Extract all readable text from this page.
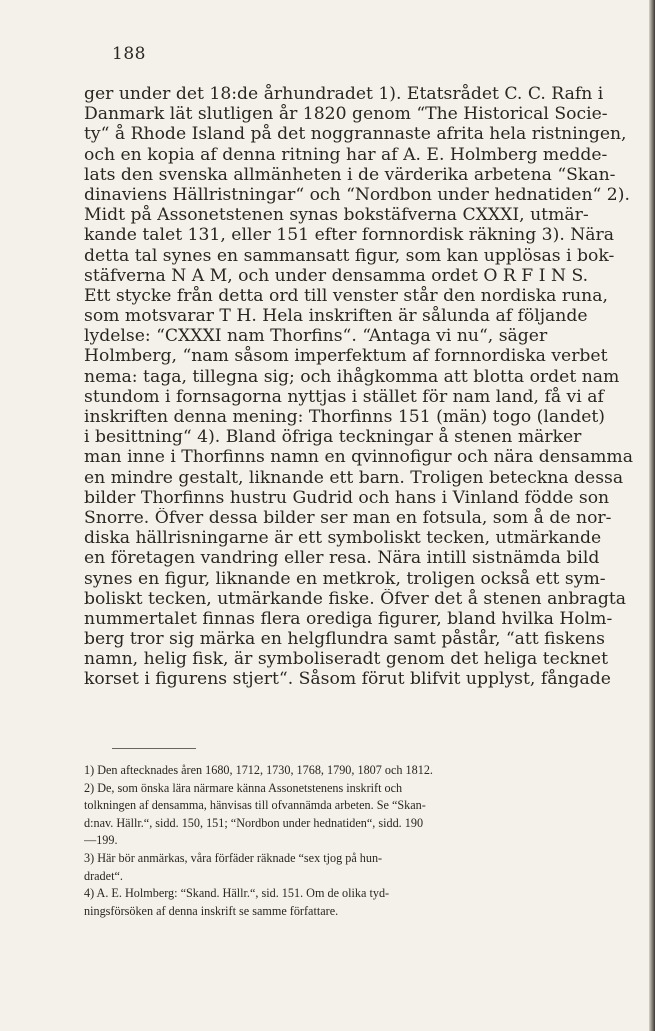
188
ger under det 18:de århundradet 1). Etatsrådet C. C. Rafn i
Danmark lät slutligen år 1820 genom “The Historical Socie-
ty“ å Rhode Island på det noggrannaste afrita hela ristningen,
och en kopia af denna ritning har af A. E. Holmberg medde-
lats den svenska allmänheten i de värderika arbetena “Skan-
dinaviens Hällristningar“ och “Nordbon under hednatiden“ 2).
Midt på Assonetstenen synas bokstäfverna CXXXI, utmär-
kande talet 131, eller 151 efter fornnordisk räkning 3). Nära
detta tal synes en sammansatt figur, som kan upplösas i bok-
stäfverna N A M, och under densamma ordet O R F I N S.
Ett stycke från detta ord till venster står den nordiska runa,
som motsvarar T H. Hela inskriften är sålunda af följande
lydelse: “CXXXI nam Thorfins“. “Antaga vi nu“, säger
Holmberg, “nam såsom imperfektum af fornnordiska verbet
nema: taga, tillegna sig; och ihågkomma att blotta ordet nam
stundom i fornsagorna nyttjas i stället för nam land, få vi af
inskriften denna mening: Thorfinns 151 (män) togo (landet)
i besittning“ 4). Bland öfriga teckningar å stenen märker
man inne i Thorfinns namn en qvinnofigur och nära densamma
en mindre gestalt, liknande ett barn. Troligen beteckna dessa
bilder Thorfinns hustru Gudrid och hans i Vinland födde son
Snorre. Öfver dessa bilder ser man en fotsula, som å de nor-
diska hällrisningarne är ett symboliskt tecken, utmärkande
en företagen vandring eller resa. Nära intill sistnämda bild
synes en figur, liknande en metkrok, troligen också ett sym-
boliskt tecken, utmärkande fiske. Öfver det å stenen anbragta
nummertalet finnas flera orediga figurer, bland hvilka Holm-
berg tror sig märka en helgflundra samt påstår, “att fiskens
namn, helig fisk, är symboliseradt genom det heliga tecknet
korset i figurens stjert“. Såsom förut blifvit upplyst, fångade
1) Den aftecknades åren 1680, 1712, 1730, 1768, 1790, 1807 och 1812.
2) De, som önska lära närmare känna Assonetstenens inskrift och
tolkningen af densamma, hänvisas till ofvannämda arbeten. Se “Skan-
d:nav. Hällr.“, sidd. 150, 151; “Nordbon under hednatiden“, sidd. 190
—199.
3) Här bör anmärkas, våra förfäder räknade “sex tjog på hun-
dradet“.
4) A. E. Holmberg: “Skand. Hällr.“, sid. 151. Om de olika tyd-
ningsförsöken af denna inskrift se samme författare.
